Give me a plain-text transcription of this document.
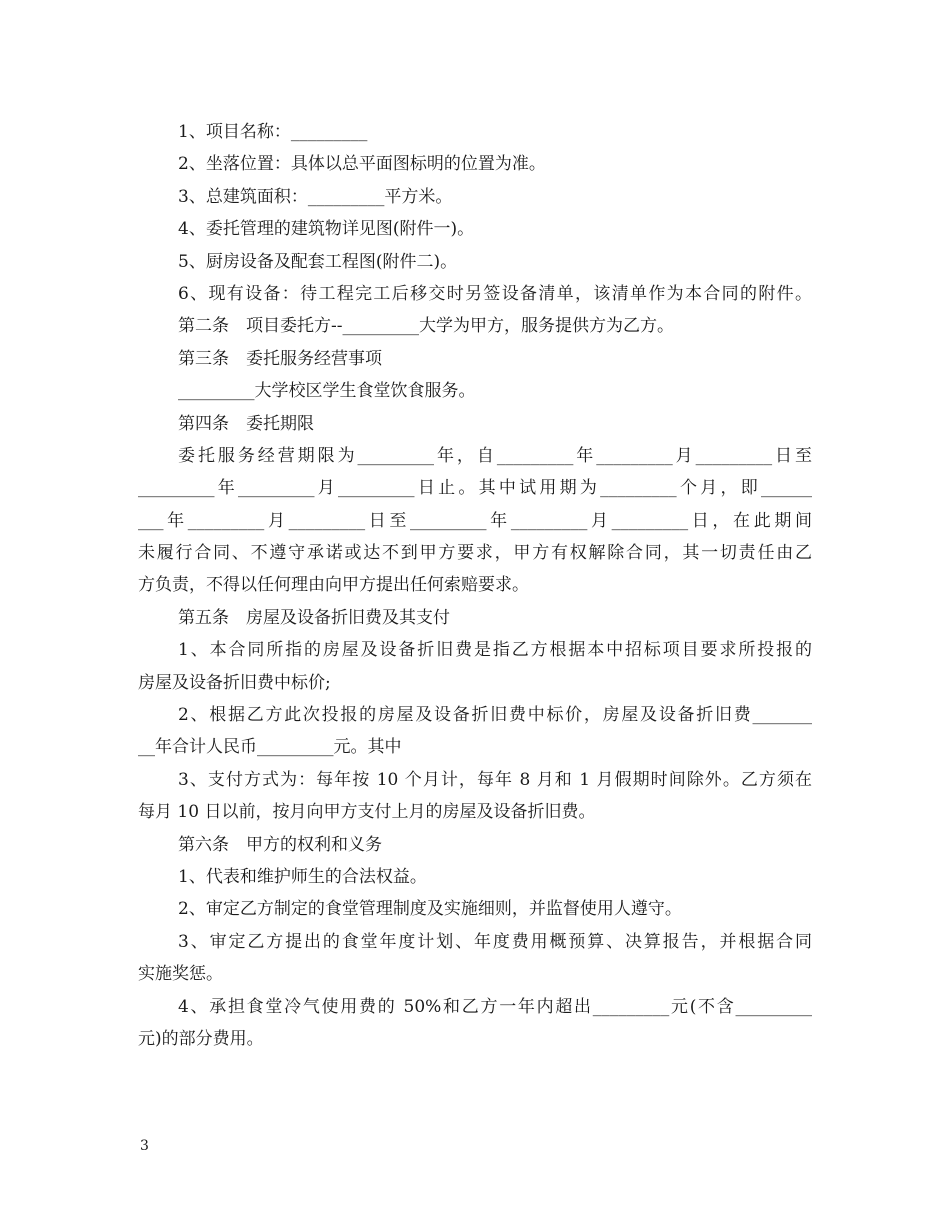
1、项目名称：_________
2、坐落位置：具体以总平面图标明的位置为准。
3、总建筑面积：_________平方米。
4、委托管理的建筑物详见图(附件一)。
5、厨房设备及配套工程图(附件二)。
6、现有设备：待工程完工后移交时另签设备清单，该清单作为本合同的附件。
第二条　项目委托方--_________大学为甲方，服务提供方为乙方。
第三条　委托服务经营事项
_________大学校区学生食堂饮食服务。
第四条　委托期限
委托服务经营期限为_________年，自_________年_________月_________日至
_________年_________月_________日止。其中试用期为_________个月，即______
___年_________月_________日至_________年_________月_________日，在此期间
未履行合同、不遵守承诺或达不到甲方要求，甲方有权解除合同，其一切责任由乙
方负责，不得以任何理由向甲方提出任何索赔要求。
第五条　房屋及设备折旧费及其支付
1、本合同所指的房屋及设备折旧费是指乙方根据本中招标项目要求所投报的
房屋及设备折旧费中标价;
2、根据乙方此次投报的房屋及设备折旧费中标价，房屋及设备折旧费_______
__年合计人民币_________元。其中
3、支付方式为：每年按 10 个月计，每年 8 月和 1 月假期时间除外。乙方须在
每月 10 日以前，按月向甲方支付上月的房屋及设备折旧费。
第六条　甲方的权利和义务
1、代表和维护师生的合法权益。
2、审定乙方制定的食堂管理制度及实施细则，并监督使用人遵守。
3、审定乙方提出的食堂年度计划、年度费用概预算、决算报告，并根据合同
实施奖惩。
4、承担食堂冷气使用费的 50%和乙方一年内超出_________元(不含_________
元)的部分费用。
3
